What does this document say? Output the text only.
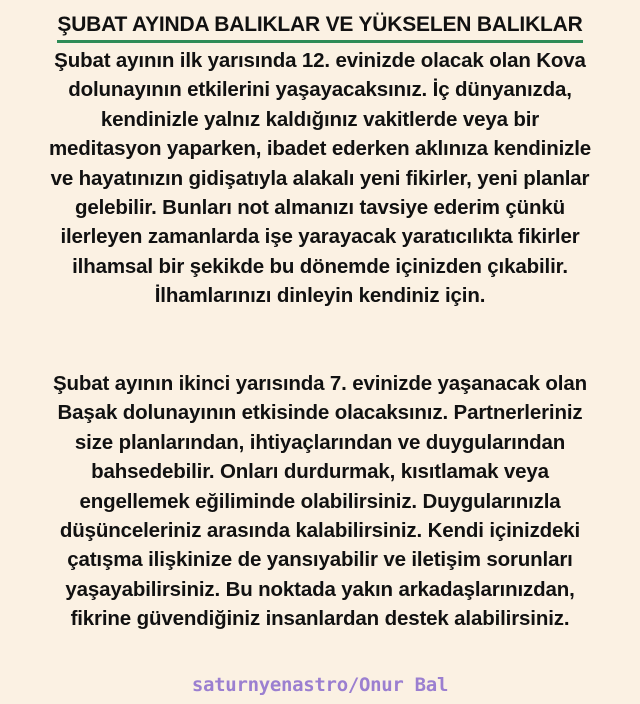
ŞUBAT AYINDA BALIKLAR VE YÜKSELEN BALIKLAR
Şubat ayının ilk yarısında 12. evinizde olacak olan Kova
dolunayının etkilerini yaşayacaksınız. İç dünyanızda,
kendinizle yalnız kaldığınız vakitlerde veya bir
meditasyon yaparken, ibadet ederken aklınıza kendinizle
ve hayatınızın gidişatıyla alakalı yeni fikirler, yeni planlar
gelebilir. Bunları not almanızı tavsiye ederim çünkü
ilerleyen zamanlarda işe yarayacak yaratıcılıkta fikirler
ilhamsal bir şekikde bu dönemde içinizden çıkabilir.
İlhamlarınızı dinleyin kendiniz için.
Şubat ayının ikinci yarısında 7. evinizde yaşanacak olan
Başak dolunayının etkisinde olacaksınız. Partnerleriniz
size planlarından, ihtiyaçlarından ve duygularından
bahsedebilir. Onları durdurmak, kısıtlamak veya
engellemek eğiliminde olabilirsiniz. Duygularınızla
düşünceleriniz arasında kalabilirsiniz. Kendi içinizdeki
çatışma ilişkinize de yansıyabilir ve iletişim sorunları
yaşayabilirsiniz. Bu noktada yakın arkadaşlarınızdan,
fikrine güvendiğiniz insanlardan destek alabilirsiniz.
saturnyenastro/Onur Bal
